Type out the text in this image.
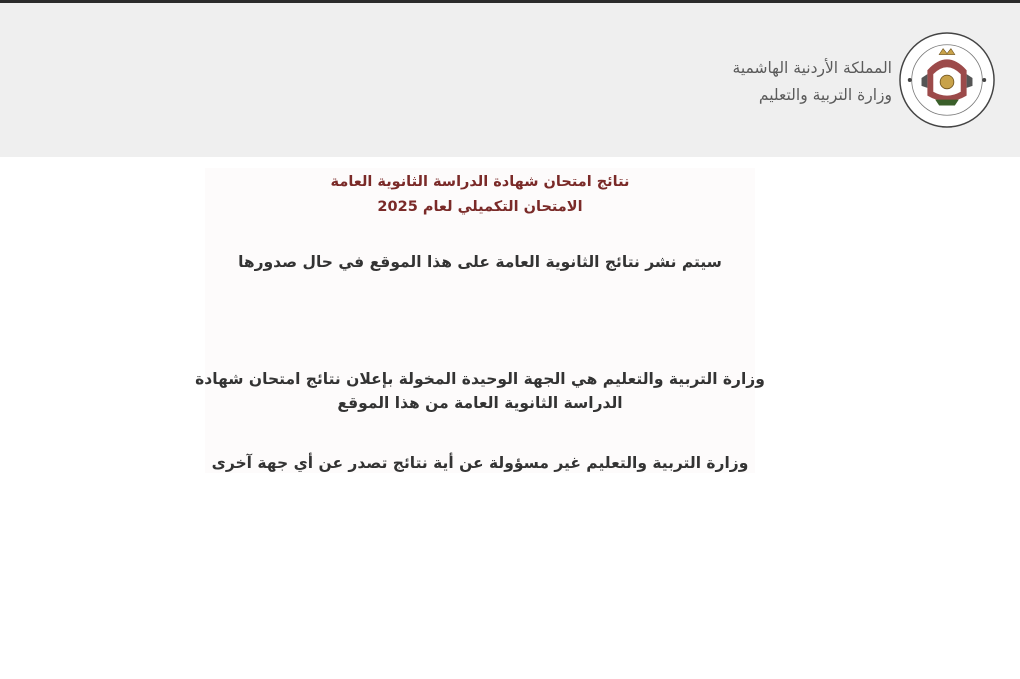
المملكة الأردنية الهاشمية
وزارة التربية والتعليم
نتائج امتحان شهادة الدراسة الثانوية العامة
الامتحان التكميلي لعام 2025
سيتم نشر نتائج الثانوية العامة على هذا الموقع في حال صدورها
وزارة التربية والتعليم هي الجهة الوحيدة المخولة بإعلان نتائج امتحان شهادة
الدراسة الثانوية العامة من هذا الموقع
وزارة التربية والتعليم غير مسؤولة عن أية نتائج تصدر عن أي جهة آخرى
